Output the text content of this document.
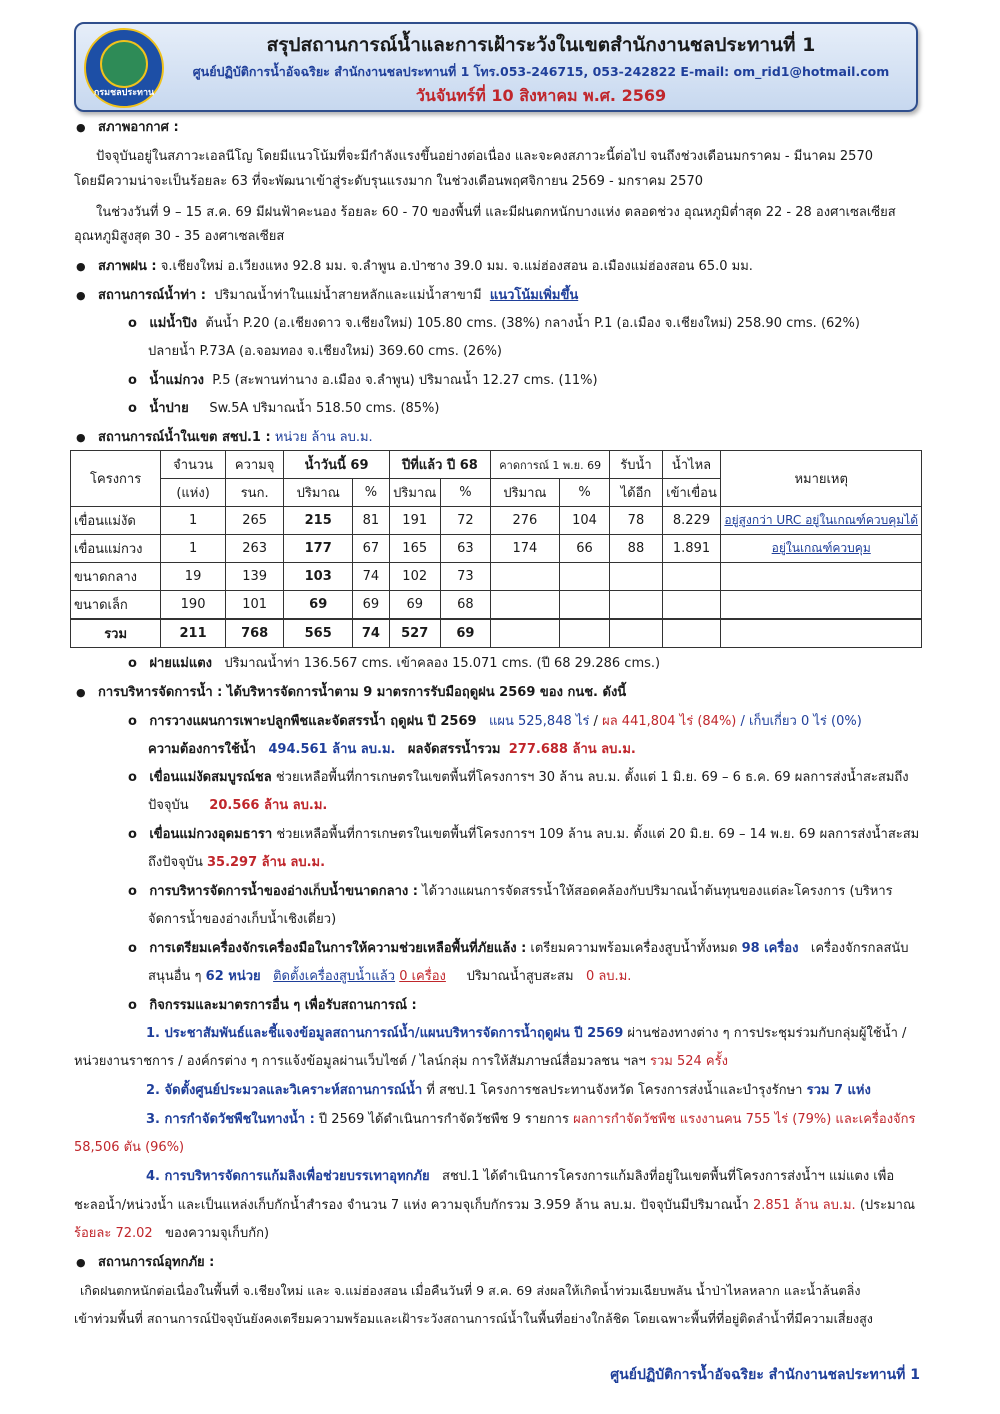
กรมชลประทาน
สรุปสถานการณ์น้ำและการเฝ้าระวังในเขตสำนักงานชลประทานที่ 1
ศูนย์ปฏิบัติการน้ำอัจฉริยะ สำนักงานชลประทานที่ 1 โทร.053-246715, 053-242822 E-mail: om_rid1@hotmail.com
วันจันทร์ที่ 10 สิงหาคม พ.ศ. 2569
● สภาพอากาศ :
ปัจจุบันอยู่ในสภาวะเอลนีโญ โดยมีแนวโน้มที่จะมีกำลังแรงขึ้นอย่างต่อเนื่อง และจะคงสภาวะนี้ต่อไป จนถึงช่วงเดือนมกราคม - มีนาคม 2570
โดยมีความน่าจะเป็นร้อยละ 63 ที่จะพัฒนาเข้าสู่ระดับรุนแรงมาก ในช่วงเดือนพฤศจิกายน 2569 - มกราคม 2570
ในช่วงวันที่ 9 – 15 ส.ค. 69 มีฝนฟ้าคะนอง ร้อยละ 60 - 70 ของพื้นที่ และมีฝนตกหนักบางแห่ง ตลอดช่วง อุณหภูมิต่ำสุด 22 - 28 องศาเซลเซียส
อุณหภูมิสูงสุด 30 - 35 องศาเซลเซียส
● สภาพฝน : จ.เชียงใหม่ อ.เวียงแหง 92.8 มม. จ.ลำพูน อ.ป่าซาง 39.0 มม. จ.แม่ฮ่องสอน อ.เมืองแม่ฮ่องสอน 65.0 มม.
● สถานการณ์น้ำท่า : ปริมาณน้ำท่าในแม่น้ำสายหลักและแม่น้ำสาขามี แนวโน้มเพิ่มขึ้น
o แม่น้ำปิง ต้นน้ำ P.20 (อ.เชียงดาว จ.เชียงใหม่) 105.80 cms. (38%) กลางน้ำ P.1 (อ.เมือง จ.เชียงใหม่) 258.90 cms. (62%)
ปลายน้ำ P.73A (อ.จอมทอง จ.เชียงใหม่) 369.60 cms. (26%)
o น้ำแม่กวง P.5 (สะพานท่านาง อ.เมือง จ.ลำพูน) ปริมาณน้ำ 12.27 cms. (11%)
o น้ำปาย Sw.5A ปริมาณน้ำ 518.50 cms. (85%)
● สถานการณ์น้ำในเขต สชป.1 : หน่วย ล้าน ลบ.ม.
โครงการ	จำนวน	ความจุ	น้ำวันนี้ 69		ปีที่แล้ว ปี 68		คาดการณ์ 1 พ.ย. 69		รับน้ำ	น้ำไหล	หมายเหตุ
	(แห่ง)	รนก.	ปริมาณ	%	ปริมาณ	%	ปริมาณ	%	ได้อีก	เข้าเขื่อน	
เขื่อนแม่งัด	1	265	215	81	191	72	276	104	78	8.229	อยู่สูงกว่า URC อยู่ในเกณฑ์ควบคุมได้
เขื่อนแม่กวง	1	263	177	67	165	63	174	66	88	1.891	อยู่ในเกณฑ์ควบคุม
ขนาดกลาง	19	139	103	74	102	73					
ขนาดเล็ก	190	101	69	69	69	68					
รวม	211	768	565	74	527	69					
o ฝายแม่แตง ปริมาณน้ำท่า 136.567 cms. เข้าคลอง 15.071 cms. (ปี 68 29.286 cms.)
● การบริหารจัดการน้ำ : ได้บริหารจัดการน้ำตาม 9 มาตรการรับมือฤดูฝน 2569 ของ กนช. ดังนี้
o การวางแผนการเพาะปลูกพืชและจัดสรรน้ำ ฤดูฝน ปี 2569 แผน 525,848 ไร่ / ผล 441,804 ไร่ (84%) / เก็บเกี่ยว 0 ไร่ (0%)
ความต้องการใช้น้ำ 494.561 ล้าน ลบ.ม. ผลจัดสรรน้ำรวม 277.688 ล้าน ลบ.ม.
o เขื่อนแม่งัดสมบูรณ์ชล ช่วยเหลือพื้นที่การเกษตรในเขตพื้นที่โครงการฯ 30 ล้าน ลบ.ม. ตั้งแต่ 1 มิ.ย. 69 – 6 ธ.ค. 69 ผลการส่งน้ำสะสมถึง
ปัจจุบัน 20.566 ล้าน ลบ.ม.
o เขื่อนแม่กวงอุดมธารา ช่วยเหลือพื้นที่การเกษตรในเขตพื้นที่โครงการฯ 109 ล้าน ลบ.ม. ตั้งแต่ 20 มิ.ย. 69 – 14 พ.ย. 69 ผลการส่งน้ำสะสม
ถึงปัจจุบัน 35.297 ล้าน ลบ.ม.
o การบริหารจัดการน้ำของอ่างเก็บน้ำขนาดกลาง : ได้วางแผนการจัดสรรน้ำให้สอดคล้องกับปริมาณน้ำต้นทุนของแต่ละโครงการ (บริหาร
จัดการน้ำของอ่างเก็บน้ำเชิงเดี่ยว)
o การเตรียมเครื่องจักรเครื่องมือในการให้ความช่วยเหลือพื้นที่ภัยแล้ง : เตรียมความพร้อมเครื่องสูบน้ำทั้งหมด 98 เครื่อง เครื่องจักรกลสนับ
สนุนอื่น ๆ 62 หน่วย ติดตั้งเครื่องสูบน้ำแล้ว 0 เครื่อง ปริมาณน้ำสูบสะสม 0 ลบ.ม.
o กิจกรรมและมาตรการอื่น ๆ เพื่อรับสถานการณ์ :
1. ประชาสัมพันธ์และชี้แจงข้อมูลสถานการณ์น้ำ/แผนบริหารจัดการน้ำฤดูฝน ปี 2569 ผ่านช่องทางต่าง ๆ การประชุมร่วมกับกลุ่มผู้ใช้น้ำ /
หน่วยงานราชการ / องค์กรต่าง ๆ การแจ้งข้อมูลผ่านเว็บไซต์ / ไลน์กลุ่ม การให้สัมภาษณ์สื่อมวลชน ฯลฯ รวม 524 ครั้ง
2. จัดตั้งศูนย์ประมวลและวิเคราะห์สถานการณ์น้ำ ที่ สชป.1 โครงการชลประทานจังหวัด โครงการส่งน้ำและบำรุงรักษา รวม 7 แห่ง
3. การกำจัดวัชพืชในทางน้ำ : ปี 2569 ได้ดำเนินการกำจัดวัชพืช 9 รายการ ผลการกำจัดวัชพืช แรงงานคน 755 ไร่ (79%) และเครื่องจักร
58,506 ตัน (96%)
4. การบริหารจัดการแก้มลิงเพื่อช่วยบรรเทาอุทกภัย สชป.1 ได้ดำเนินการโครงการแก้มลิงที่อยู่ในเขตพื้นที่โครงการส่งน้ำฯ แม่แตง เพื่อ
ชะลอน้ำ/หน่วงน้ำ และเป็นแหล่งเก็บกักน้ำสำรอง จำนวน 7 แห่ง ความจุเก็บกักรวม 3.959 ล้าน ลบ.ม. ปัจจุบันมีปริมาณน้ำ 2.851 ล้าน ลบ.ม. (ประมาณ
ร้อยละ 72.02 ของความจุเก็บกัก)
● สถานการณ์อุทกภัย :
เกิดฝนตกหนักต่อเนื่องในพื้นที่ จ.เชียงใหม่ และ จ.แม่ฮ่องสอน เมื่อคืนวันที่ 9 ส.ค. 69 ส่งผลให้เกิดน้ำท่วมเฉียบพลัน น้ำป่าไหลหลาก และน้ำล้นตลิ่ง
เข้าท่วมพื้นที่ สถานการณ์ปัจจุบันยังคงเตรียมความพร้อมและเฝ้าระวังสถานการณ์น้ำในพื้นที่อย่างใกล้ชิด โดยเฉพาะพื้นที่ที่อยู่ติดลำน้ำที่มีความเสี่ยงสูง
ศูนย์ปฏิบัติการน้ำอัจฉริยะ สำนักงานชลประทานที่ 1
